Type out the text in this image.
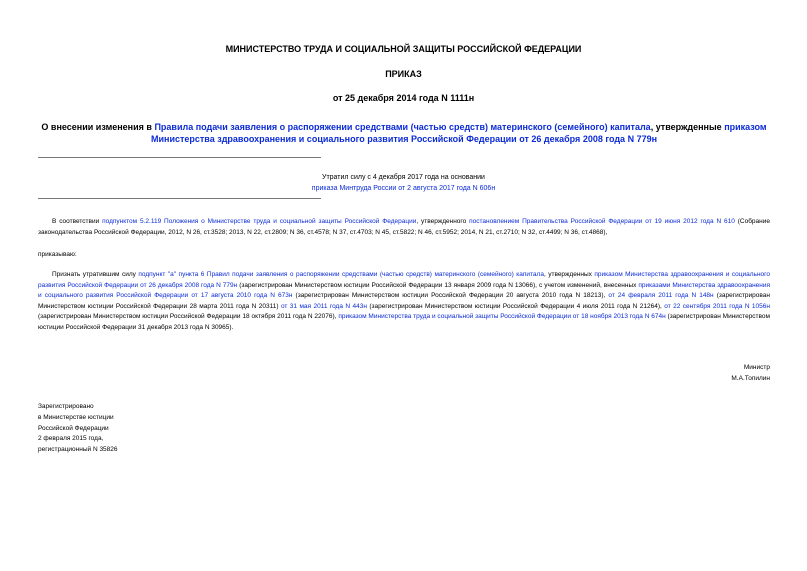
МИНИСТЕРСТВО ТРУДА И СОЦИАЛЬНОЙ ЗАЩИТЫ РОССИЙСКОЙ ФЕДЕРАЦИИ
ПРИКАЗ
от 25 декабря 2014 года N 1111н
О внесении изменения в Правила подачи заявления о распоряжении средствами (частью средств) материнского (семейного) капитала, утвержденные приказом Министерства здравоохранения и социального развития Российской Федерации от 26 декабря 2008 года N 779н
Утратил силу с 4 декабря 2017 года на основании
приказа Минтруда России от 2 августа 2017 года N 606н
В соответствии подпунктом 5.2.119 Положения о Министерстве труда и социальной защиты Российской Федерации, утвержденного постановлением Правительства Российской Федерации от 19 июня 2012 года N 610 (Собрание законодательства Российской Федерации, 2012, N 26, ст.3528; 2013, N 22, ст.2809; N 36, ст.4578; N 37, ст.4703; N 45, ст.5822; N 46, ст.5952; 2014, N 21, ст.2710; N 32, ст.4499; N 36, ст.4868),
приказываю:
Признать утратившим силу подпункт "а" пункта 6 Правил подачи заявления о распоряжении средствами (частью средств) материнского (семейного) капитала, утвержденных приказом Министерства здравоохранения и социального развития Российской Федерации от 26 декабря 2008 года N 779н (зарегистрирован Министерством юстиции Российской Федерации 13 января 2009 года N 13066), с учетом изменений, внесенных приказами Министерства здравоохранения и социального развития Российской Федерации от 17 августа 2010 года N 673н (зарегистрирован Министерством юстиции Российской Федерации 20 августа 2010 года N 18213), от 24 февраля 2011 года N 148н (зарегистрирован Министерством юстиции Российской Федерации 28 марта 2011 года N 20311) от 31 мая 2011 года N 443н (зарегистрирован Министерством юстиции Российской Федерации 4 июля 2011 года N 21264), от 22 сентября 2011 года N 1056н (зарегистрирован Министерством юстиции Российской Федерации 18 октября 2011 года N 22076), приказом Министерства труда и социальной защиты Российской Федерации от 18 ноября 2013 года N 674н (зарегистрирован Министерством юстиции Российской Федерации 31 декабря 2013 года N 30965).
Министр
М.А.Топилин
Зарегистрировано
в Министерстве юстиции
Российской Федерации
2 февраля 2015 года,
регистрационный N 35826
